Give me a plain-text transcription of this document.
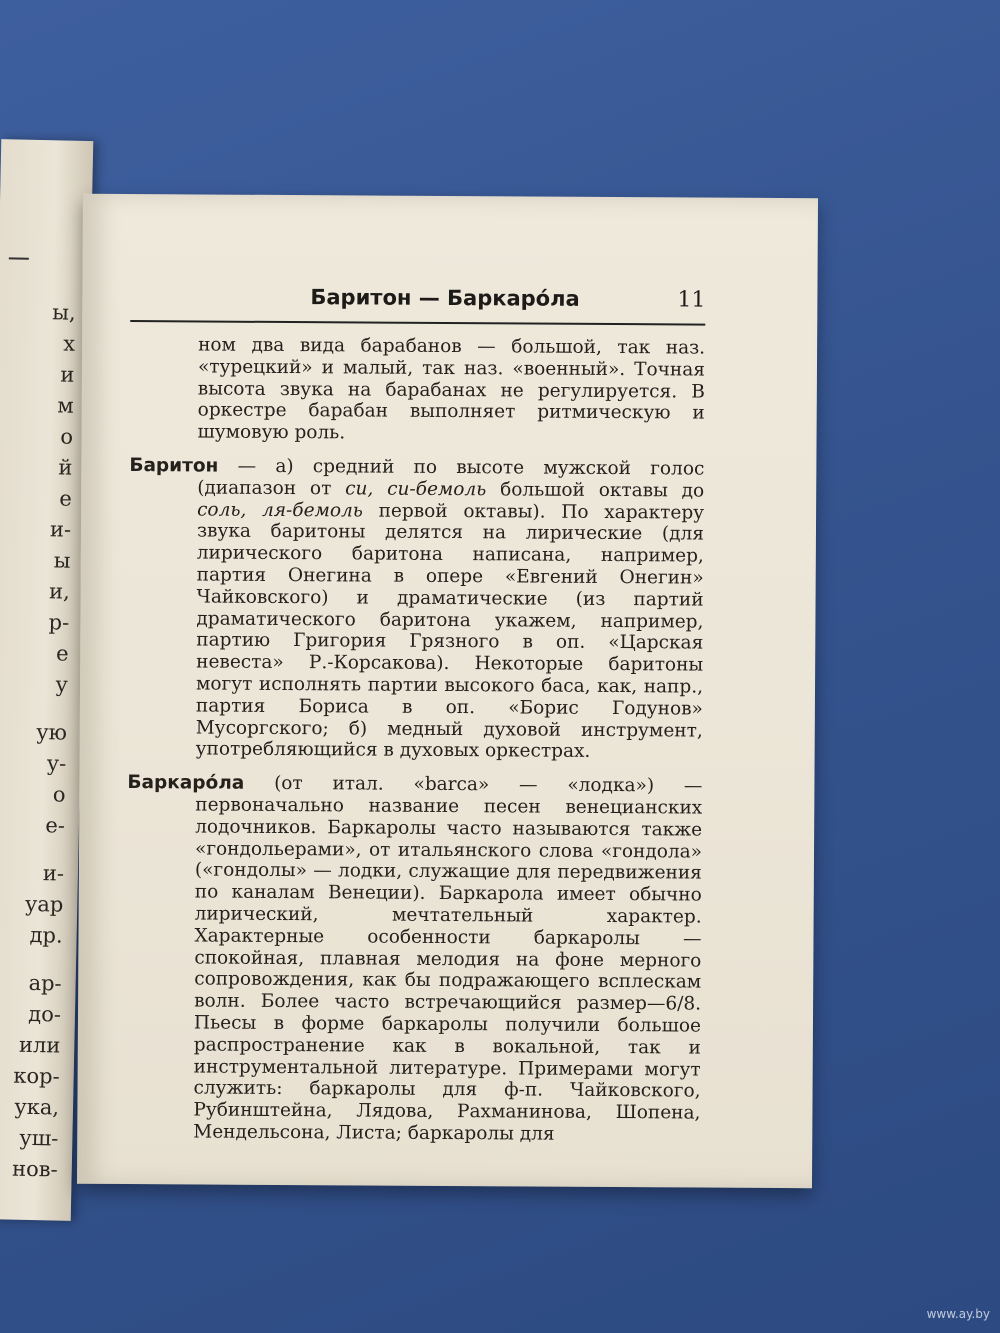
ы,
х
и
м
о
й
е
и-
ы
и,
р-
е
у
ую
у-
о
е-
и-
уар
др.
ар-
до-
или
кор-
ука,
уш-
нов-
Баритон — Баркаро́ла	11

ном два вида барабанов — большой, так наз. «турецкий» и малый, так наз. «военный». Точная высота звука на барабанах не регулируется. В оркестре барабан выполняет ритмическую и шумовую роль.

Баритон — а) средний по высоте мужской голос (диапазон от си, си-бемоль большой октавы до соль, ля-бемоль первой октавы). По характеру звука баритоны делятся на лирические (для лирического баритона написана, например, партия Онегина в опере «Евгений Онегин» Чайковского) и драматические (из партий драматического баритона укажем, например, партию Григория Грязного в оп. «Царская невеста» Р.-Корсакова). Некоторые баритоны могут исполнять партии высокого баса, как, напр., партия Бориса в оп. «Борис Годунов» Мусоргского; б) медный духовой инструмент, употребляющийся в духовых оркестрах.

Баркаро́ла (от итал. «barca» — «лодка») — первоначально название песен венецианских лодочников. Баркаролы часто называются также «гондольерами», от итальянского слова «гондола» («гондолы» — лодки, служащие для передвижения по каналам Венеции). Баркарола имеет обычно лирический, мечтательный характер. Характерные особенности баркаролы — спокойная, плавная мелодия на фоне мерного сопровождения, как бы подражающего всплескам волн. Более часто встречающийся размер—6/8. Пьесы в форме баркаролы получили большое распространение как в вокальной, так и инструментальной литературе. Примерами могут служить: баркаролы для ф-п. Чайковского, Рубинштейна, Лядова, Рахманинова, Шопена, Мендельсона, Листа; баркаролы для

www.ay.by
